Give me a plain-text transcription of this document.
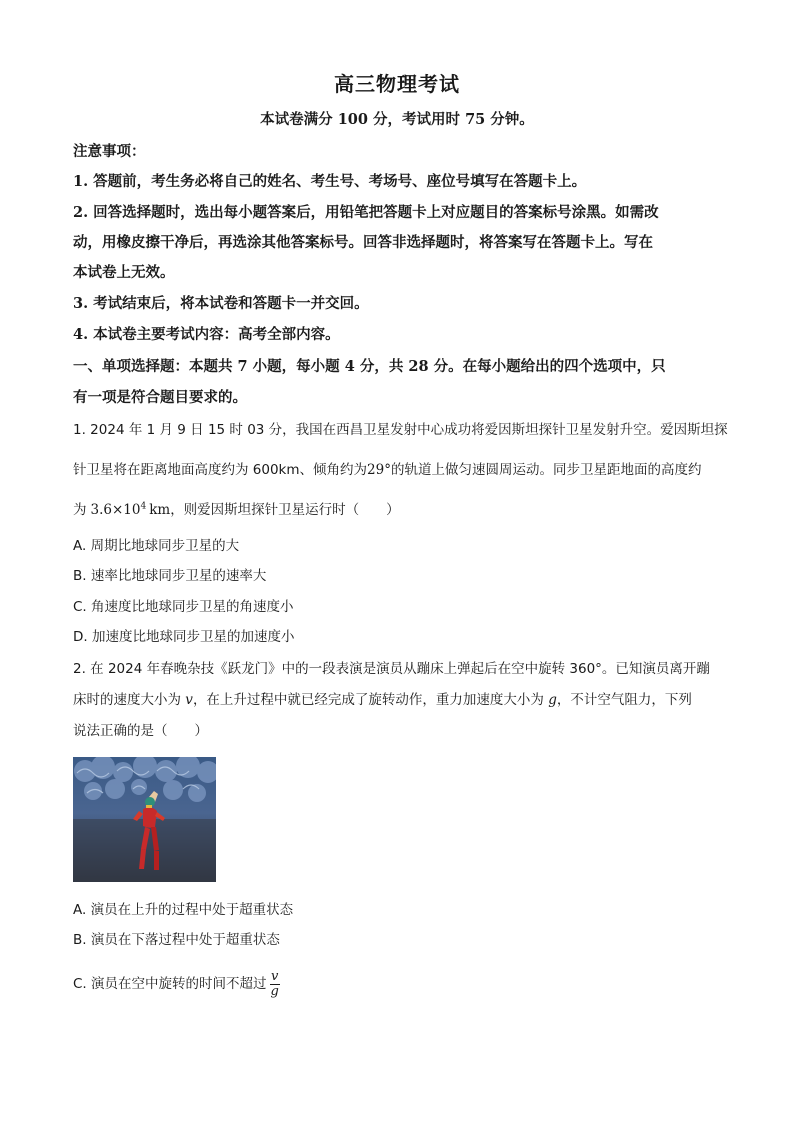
高三物理考试
本试卷满分 100 分，考试用时 75 分钟。
注意事项：
1. 答题前，考生务必将自己的姓名、考生号、考场号、座位号填写在答题卡上。
2. 回答选择题时，选出每小题答案后，用铅笔把答题卡上对应题目的答案标号涂黑。如需改
动，用橡皮擦干净后，再选涂其他答案标号。回答非选择题时，将答案写在答题卡上。写在
本试卷上无效。
3. 考试结束后，将本试卷和答题卡一并交回。
4. 本试卷主要考试内容：高考全部内容。
一、单项选择题：本题共 7 小题，每小题 4 分，共 28 分。在每小题给出的四个选项中，只
有一项是符合题目要求的。
1. 2024 年 1 月 9 日 15 时 03 分，我国在西昌卫星发射中心成功将爱因斯坦探针卫星发射升空。爱因斯坦探
针卫星将在距离地面高度约为 600km、倾角约为29°的轨道上做匀速圆周运动。同步卫星距地面的高度约
为 $3.6\times 10^4$ km，则爱因斯坦探针卫星运行时（　　）
A. 周期比地球同步卫星的大
B. 速率比地球同步卫星的速率大
C. 角速度比地球同步卫星的角速度小
D. 加速度比地球同步卫星的加速度小
2. 在 2024 年春晚杂技《跃龙门》中的一段表演是演员从蹦床上弹起后在空中旋转 360°。已知演员离开蹦
床时的速度大小为 v，在上升过程中就已经完成了旋转动作，重力加速度大小为 g，不计空气阻力，下列
说法正确的是（　　）
A. 演员在上升的过程中处于超重状态
B. 演员在下落过程中处于超重状态
C. 演员在空中旋转的时间不超过 $\frac{v}{g}$
